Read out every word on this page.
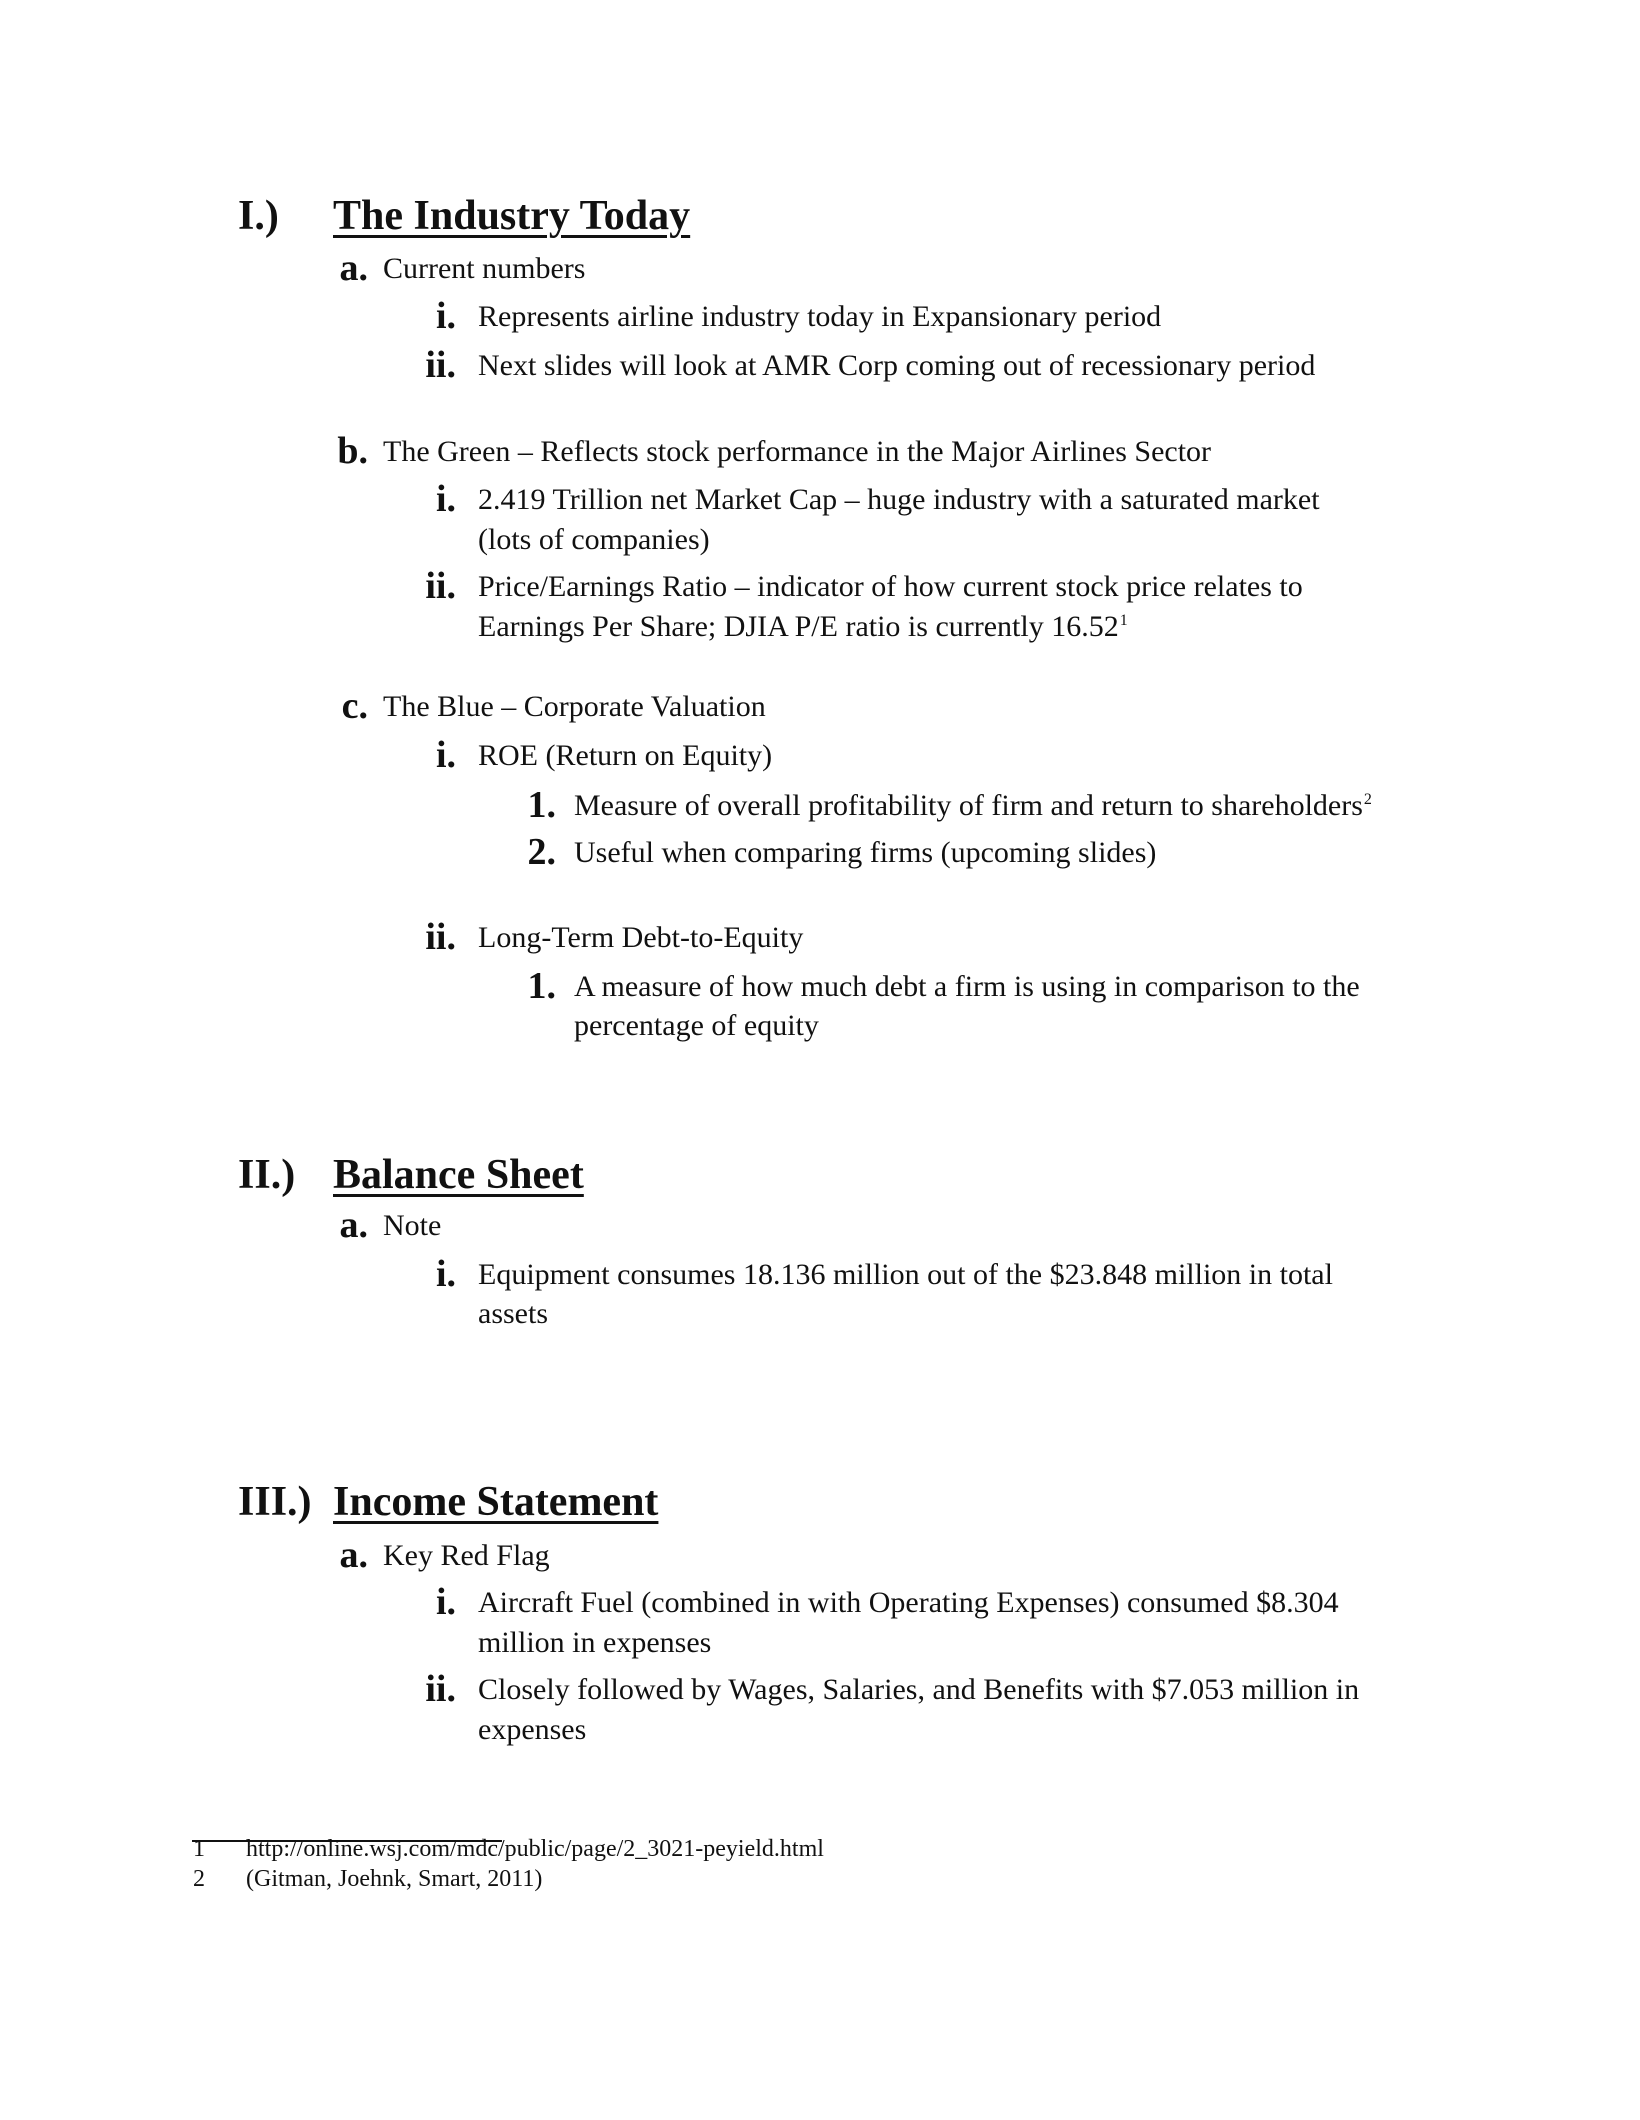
I.) The Industry Today
a. Current numbers
i. Represents airline industry today in Expansionary period
ii. Next slides will look at AMR Corp coming out of recessionary period
b. The Green – Reflects stock performance in the Major Airlines Sector
i. 2.419 Trillion net Market Cap – huge industry with a saturated market
(lots of companies)
ii. Price/Earnings Ratio – indicator of how current stock price relates to
Earnings Per Share; DJIA P/E ratio is currently 16.52$^1$
c. The Blue – Corporate Valuation
i. ROE (Return on Equity)
1. Measure of overall profitability of firm and return to shareholders$^2$
2. Useful when comparing firms (upcoming slides)
ii. Long-Term Debt-to-Equity
1. A measure of how much debt a firm is using in comparison to the
percentage of equity
II.) Balance Sheet
a. Note
i. Equipment consumes 18.136 million out of the $23.848 million in total
assets
III.) Income Statement
a. Key Red Flag
i. Aircraft Fuel (combined in with Operating Expenses) consumed $8.304
million in expenses
ii. Closely followed by Wages, Salaries, and Benefits with $7.053 million in
expenses
1 http://online.wsj.com/mdc/public/page/2_3021-peyield.html
2 (Gitman, Joehnk, Smart, 2011)
